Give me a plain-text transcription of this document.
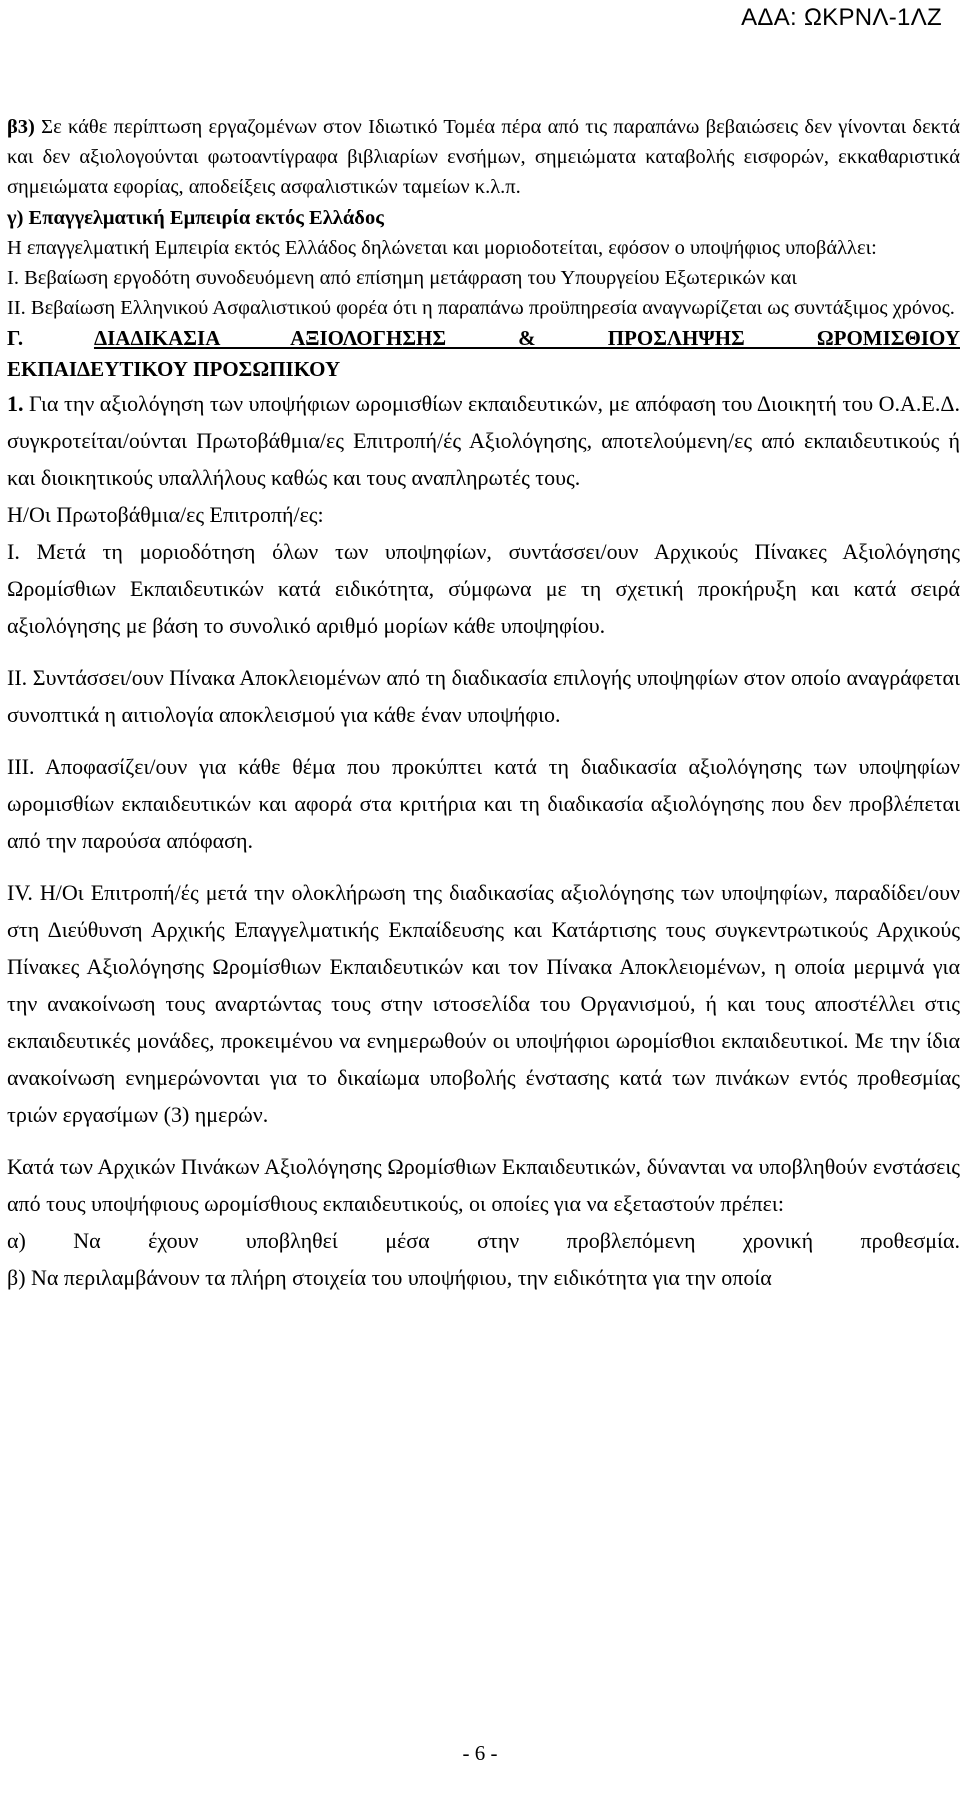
ΑΔΑ: ΩΚΡΝΛ-1ΛΖ

β3) Σε κάθε περίπτωση εργαζομένων στον Ιδιωτικό Τομέα πέρα από τις παραπάνω βεβαιώσεις δεν γίνονται δεκτά και δεν αξιολογούνται φωτοαντίγραφα βιβλιαρίων ενσήμων, σημειώματα καταβολής εισφορών, εκκαθαριστικά σημειώματα εφορίας, αποδείξεις ασφαλιστικών ταμείων κ.λ.π.

γ) Επαγγελματική Εμπειρία εκτός Ελλάδος

Η επαγγελματική Εμπειρία εκτός Ελλάδος δηλώνεται και μοριοδοτείται, εφόσον ο υποψήφιος υποβάλλει:

Ι. Βεβαίωση εργοδότη συνοδευόμενη από επίσημη μετάφραση του Υπουργείου Εξωτερικών και

ΙΙ. Βεβαίωση Ελληνικού Ασφαλιστικού φορέα ότι η παραπάνω προϋπηρεσία αναγνωρίζεται ως συντάξιμος χρόνος.

Γ. ΔΙΑΔΙΚΑΣΙΑ ΑΞΙΟΛΟΓΗΣΗΣ & ΠΡΟΣΛΗΨΗΣ ΩΡΟΜΙΣΘΙΟΥ

ΕΚΠΑΙΔΕΥΤΙΚΟΥ ΠΡΟΣΩΠΙΚΟΥ

1. Για την αξιολόγηση των υποψήφιων ωρομισθίων εκπαιδευτικών, με απόφαση του Διοικητή του Ο.Α.Ε.Δ. συγκροτείται/ούνται Πρωτοβάθμια/ες Επιτροπή/ές Αξιολόγησης, αποτελούμενη/ες από εκπαιδευτικούς ή και διοικητικούς υπαλλήλους καθώς και τους αναπληρωτές τους.

Η/Οι Πρωτοβάθμια/ες Επιτροπή/ες:

Ι. Μετά τη μοριοδότηση όλων των υποψηφίων, συντάσσει/ουν Αρχικούς Πίνακες Αξιολόγησης Ωρομίσθιων Εκπαιδευτικών κατά ειδικότητα, σύμφωνα με τη σχετική προκήρυξη και κατά σειρά αξιολόγησης με βάση το συνολικό αριθμό μορίων κάθε υποψηφίου.

ΙΙ. Συντάσσει/ουν Πίνακα Αποκλειομένων από τη διαδικασία επιλογής υποψηφίων στον οποίο αναγράφεται συνοπτικά η αιτιολογία αποκλεισμού για κάθε έναν υποψήφιο.

ΙΙΙ. Αποφασίζει/ουν για κάθε θέμα που προκύπτει κατά τη διαδικασία αξιολόγησης των υποψηφίων ωρομισθίων εκπαιδευτικών και αφορά στα κριτήρια και τη διαδικασία αξιολόγησης που δεν προβλέπεται από την παρούσα απόφαση.

ΙV. Η/Οι Επιτροπή/ές μετά την ολοκλήρωση της διαδικασίας αξιολόγησης των υποψηφίων, παραδίδει/ουν στη Διεύθυνση Αρχικής Επαγγελματικής Εκπαίδευσης και Κατάρτισης τους συγκεντρωτικούς Αρχικούς Πίνακες Αξιολόγησης Ωρομίσθιων Εκπαιδευτικών και τον Πίνακα Αποκλειομένων, η οποία μεριμνά για την ανακοίνωση τους αναρτώντας τους στην ιστοσελίδα του Οργανισμού, ή και τους αποστέλλει στις εκπαιδευτικές μονάδες, προκειμένου να ενημερωθούν οι υποψήφιοι ωρομίσθιοι εκπαιδευτικοί. Με την ίδια ανακοίνωση ενημερώνονται για το δικαίωμα υποβολής ένστασης κατά των πινάκων εντός προθεσμίας τριών εργασίμων (3) ημερών.

Κατά των Αρχικών Πινάκων Αξιολόγησης Ωρομίσθιων Εκπαιδευτικών, δύνανται να υποβληθούν ενστάσεις από τους υποψήφιους ωρομίσθιους εκπαιδευτικούς, οι οποίες για να εξεταστούν πρέπει:

α) Να έχουν υποβληθεί μέσα στην προβλεπόμενη χρονική προθεσμία.

β) Να περιλαμβάνουν τα πλήρη στοιχεία του υποψήφιου, την ειδικότητα για την οποία

- 6 -
